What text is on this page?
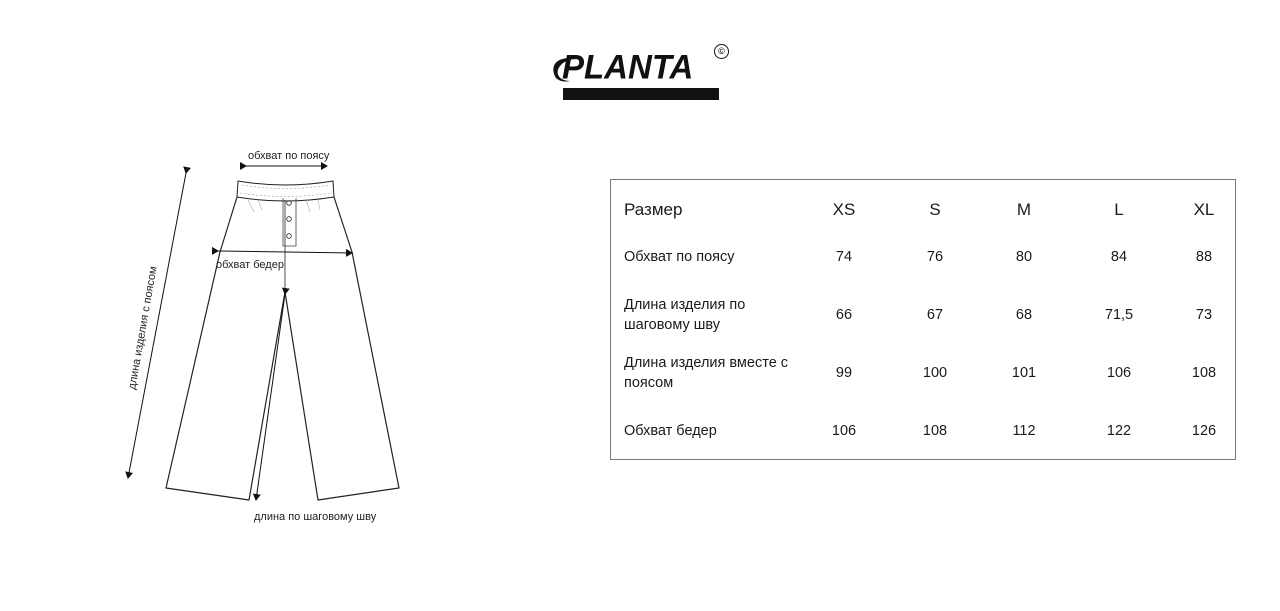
PLANTA	©
обхват по поясу
обхват бедер
длина изделия с поясом
длина по шаговому шву
Размер	XS	S	M	L	XL
Обхват по поясу	74	76	80	84	88
Длина изделия по шаговому шву
66	67	68	71,5	73
Длина изделия вместе с поясом
99	100	101	106	108
Обхват бедер	106	108	112	122	126
